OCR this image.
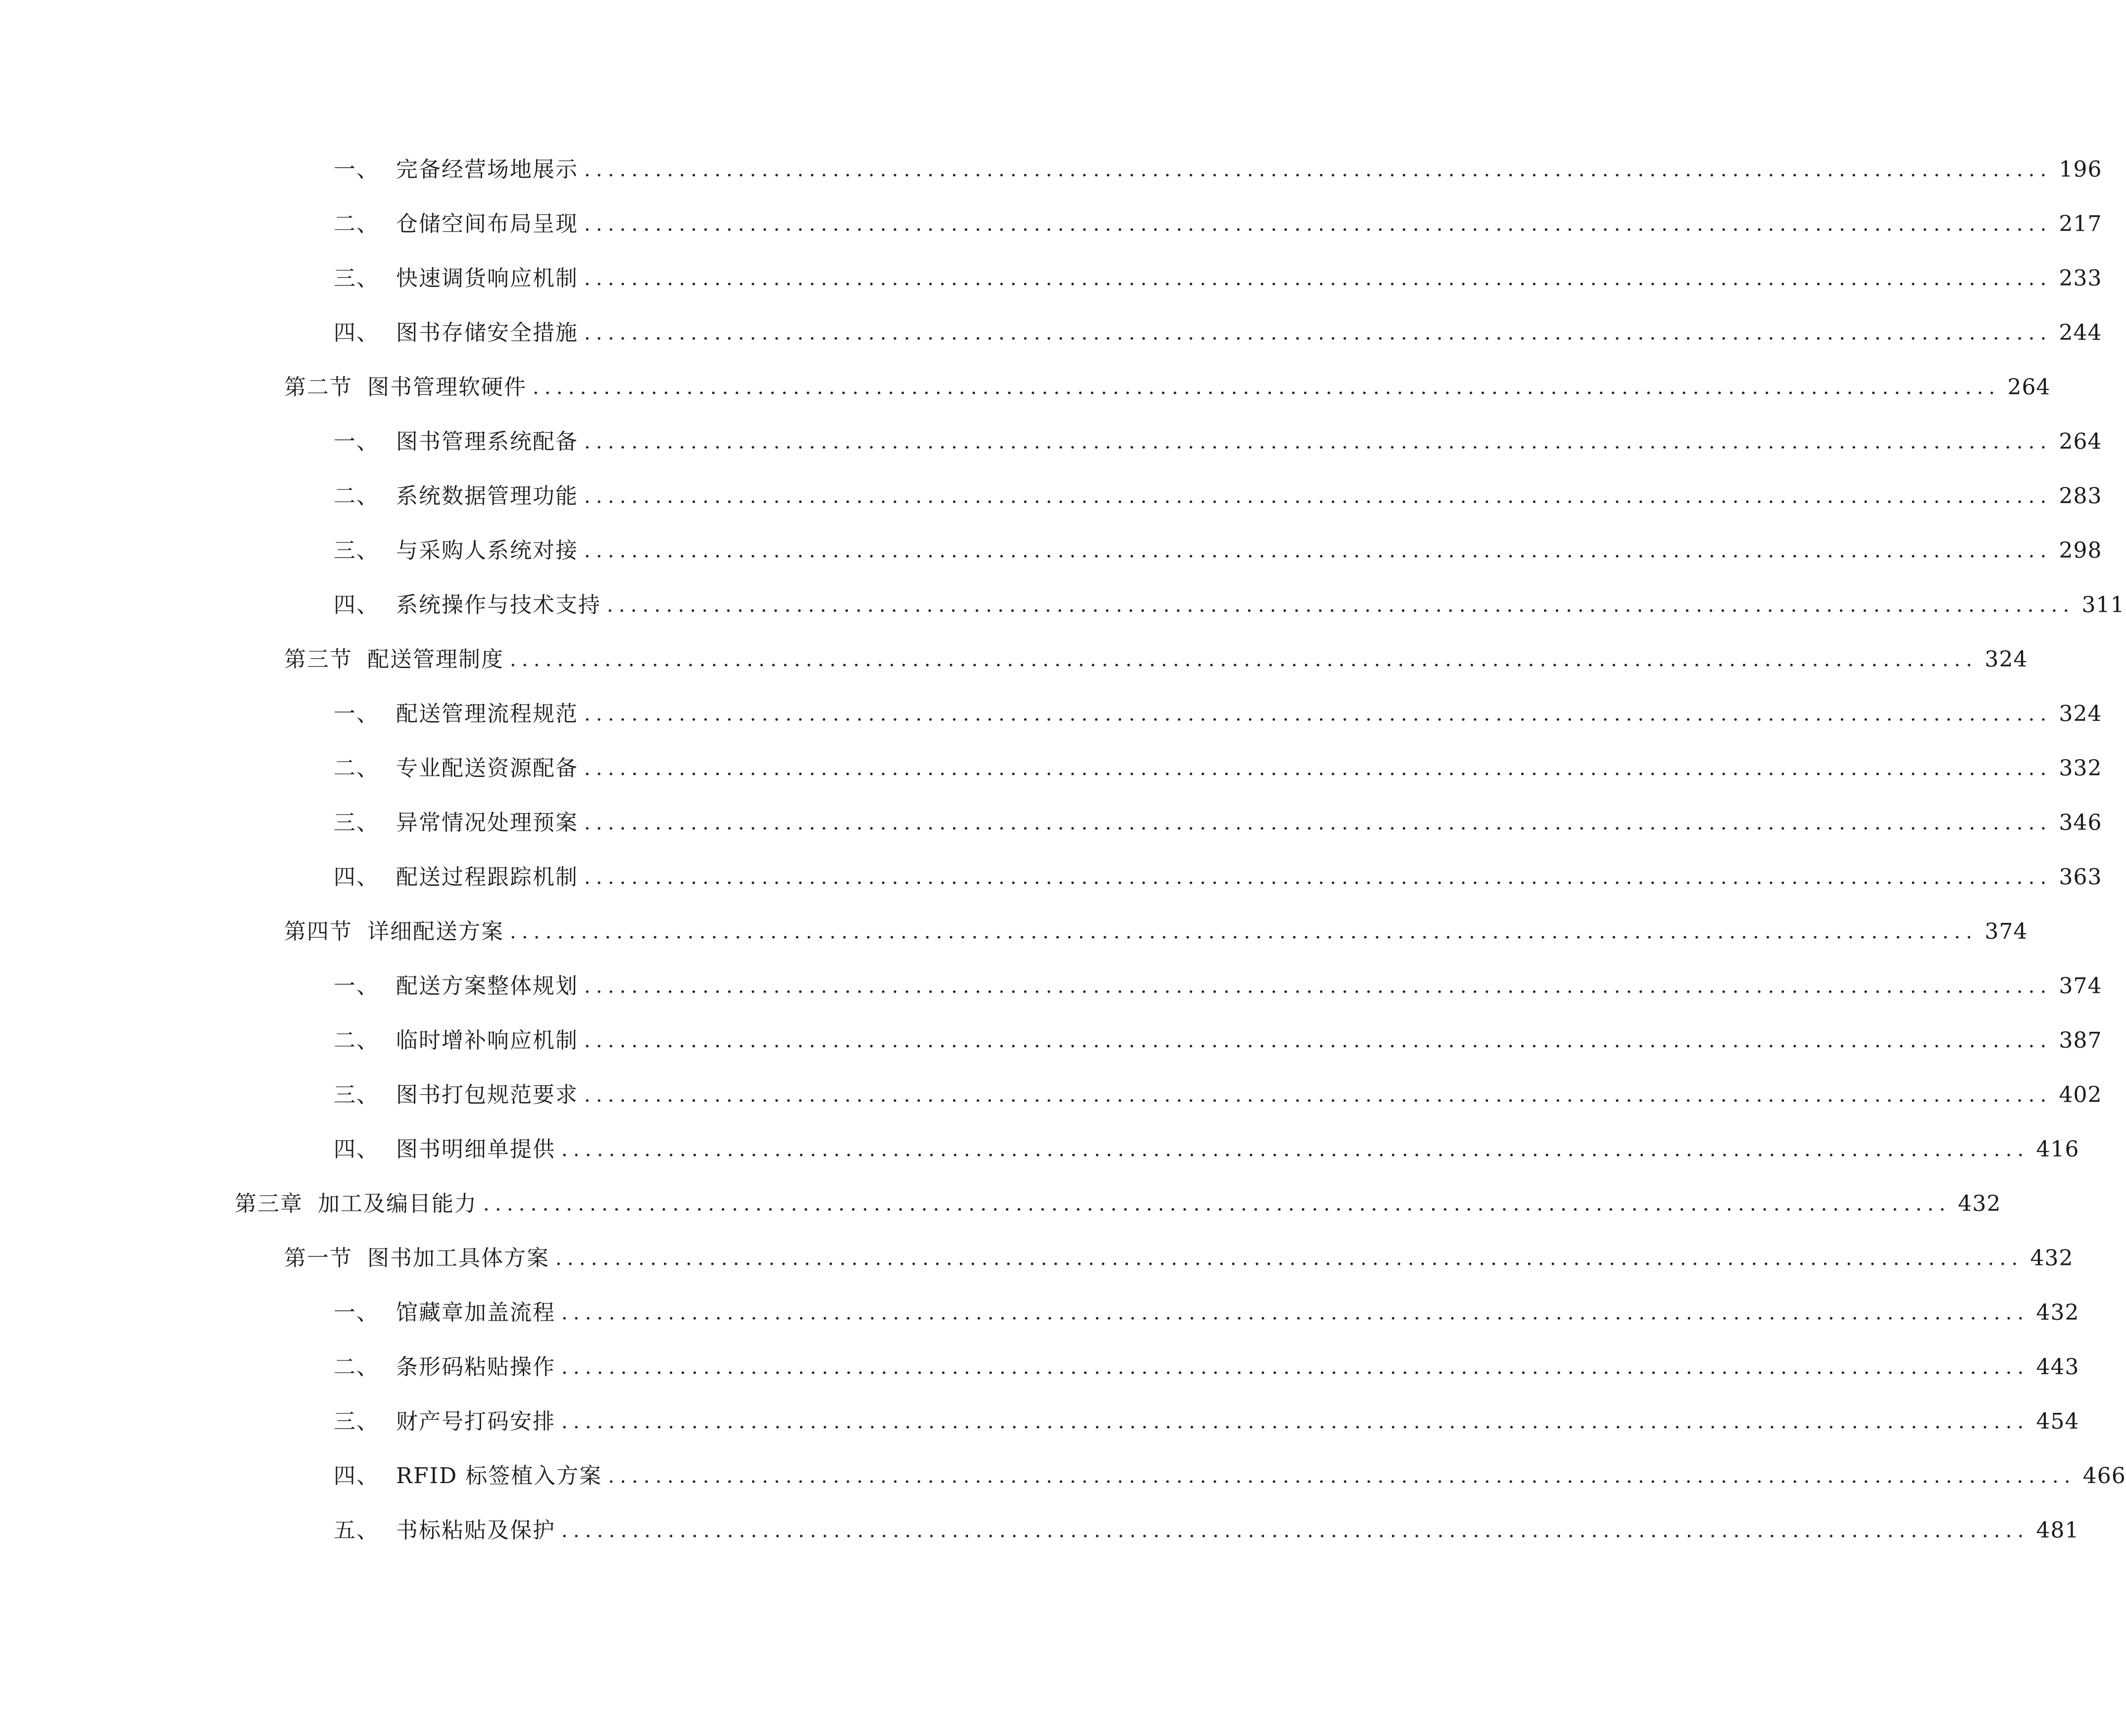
一、 完备经营场地展示 ............................................................................................................................ 196
二、 仓储空间布局呈现 ............................................................................................................................ 217
三、 快速调货响应机制 ............................................................................................................................ 233
四、 图书存储安全措施 ............................................................................................................................ 244
第二节 图书管理软硬件 ............................................................................................................................ 264
一、 图书管理系统配备 ............................................................................................................................ 264
二、 系统数据管理功能 ............................................................................................................................ 283
三、 与采购人系统对接 ............................................................................................................................ 298
四、 系统操作与技术支持 ............................................................................................................................ 311
第三节 配送管理制度 ............................................................................................................................ 324
一、 配送管理流程规范 ............................................................................................................................ 324
二、 专业配送资源配备 ............................................................................................................................ 332
三、 异常情况处理预案 ............................................................................................................................ 346
四、 配送过程跟踪机制 ............................................................................................................................ 363
第四节 详细配送方案 ............................................................................................................................ 374
一、 配送方案整体规划 ............................................................................................................................ 374
二、 临时增补响应机制 ............................................................................................................................ 387
三、 图书打包规范要求 ............................................................................................................................ 402
四、 图书明细单提供 ............................................................................................................................ 416
第三章 加工及编目能力 ............................................................................................................................ 432
第一节 图书加工具体方案 ............................................................................................................................ 432
一、 馆藏章加盖流程 ............................................................................................................................ 432
二、 条形码粘贴操作 ............................................................................................................................ 443
三、 财产号打码安排 ............................................................................................................................ 454
四、 RFID 标签植入方案 ............................................................................................................................ 466
五、 书标粘贴及保护 ............................................................................................................................ 481
